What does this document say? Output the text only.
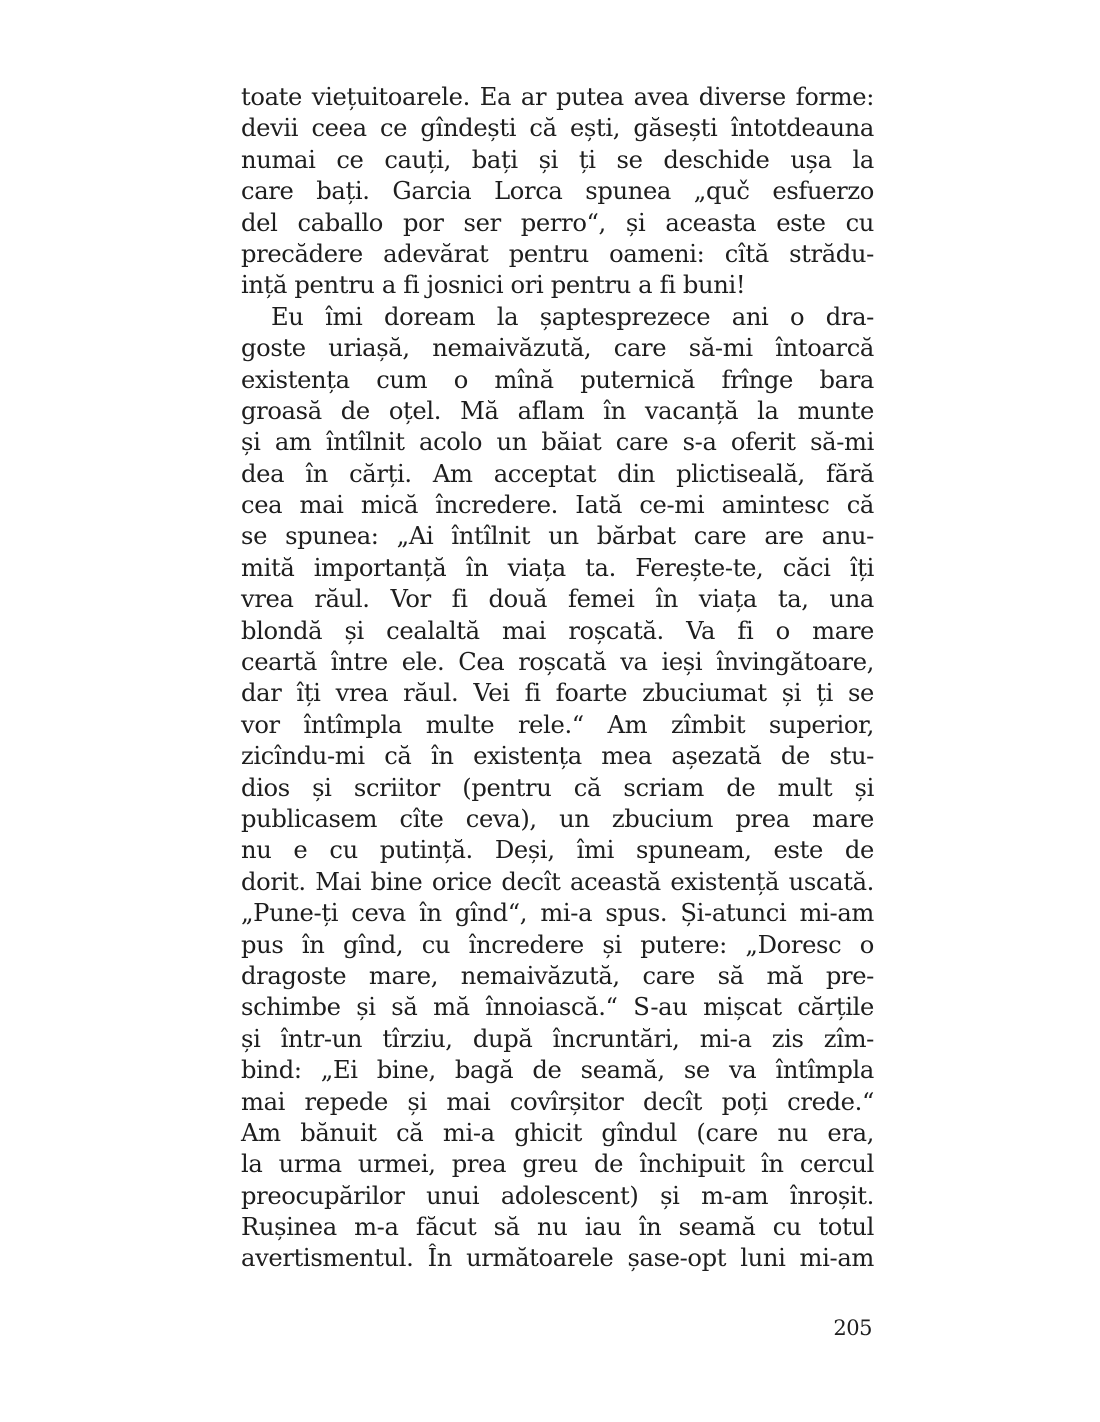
toate viețuitoarele. Ea ar putea avea diverse forme:
devii ceea ce gîndești că ești, găsești întotdeauna
numai ce cauți, bați și ți se deschide ușa la
care bați. Garcia Lorca spunea „quč esfuerzo
del caballo por ser perro“, și aceasta este cu
precădere adevărat pentru oameni: cîtă strădu-
ință pentru a fi josnici ori pentru a fi buni!
Eu îmi doream la șaptesprezece ani o dra-
goste uriașă, nemaivăzută, care să-mi întoarcă
existența cum o mînă puternică frînge bara
groasă de oțel. Mă aflam în vacanță la munte
și am întîlnit acolo un băiat care s-a oferit să-mi
dea în cărți. Am acceptat din plictiseală, fără
cea mai mică încredere. Iată ce-mi amintesc că
se spunea: „Ai întîlnit un bărbat care are anu-
mită importanță în viața ta. Ferește-te, căci îți
vrea răul. Vor fi două femei în viața ta, una
blondă și cealaltă mai roșcată. Va fi o mare
ceartă între ele. Cea roșcată va ieși învingătoare,
dar îți vrea răul. Vei fi foarte zbuciumat și ți se
vor întîmpla multe rele.“ Am zîmbit superior,
zicîndu-mi că în existența mea așezată de stu-
dios și scriitor (pentru că scriam de mult și
publicasem cîte ceva), un zbucium prea mare
nu e cu putință. Deși, îmi spuneam, este de
dorit. Mai bine orice decît această existență uscată.
„Pune-ți ceva în gînd“, mi-a spus. Și-atunci mi-am
pus în gînd, cu încredere și putere: „Doresc o
dragoste mare, nemaivăzută, care să mă pre-
schimbe și să mă înnoiască.“ S-au mișcat cărțile
și într-un tîrziu, după încruntări, mi-a zis zîm-
bind: „Ei bine, bagă de seamă, se va întîmpla
mai repede și mai covîrșitor decît poți crede.“
Am bănuit că mi-a ghicit gîndul (care nu era,
la urma urmei, prea greu de închipuit în cercul
preocupărilor unui adolescent) și m-am înroșit.
Rușinea m-a făcut să nu iau în seamă cu totul
avertismentul. În următoarele șase-opt luni mi-am
205
